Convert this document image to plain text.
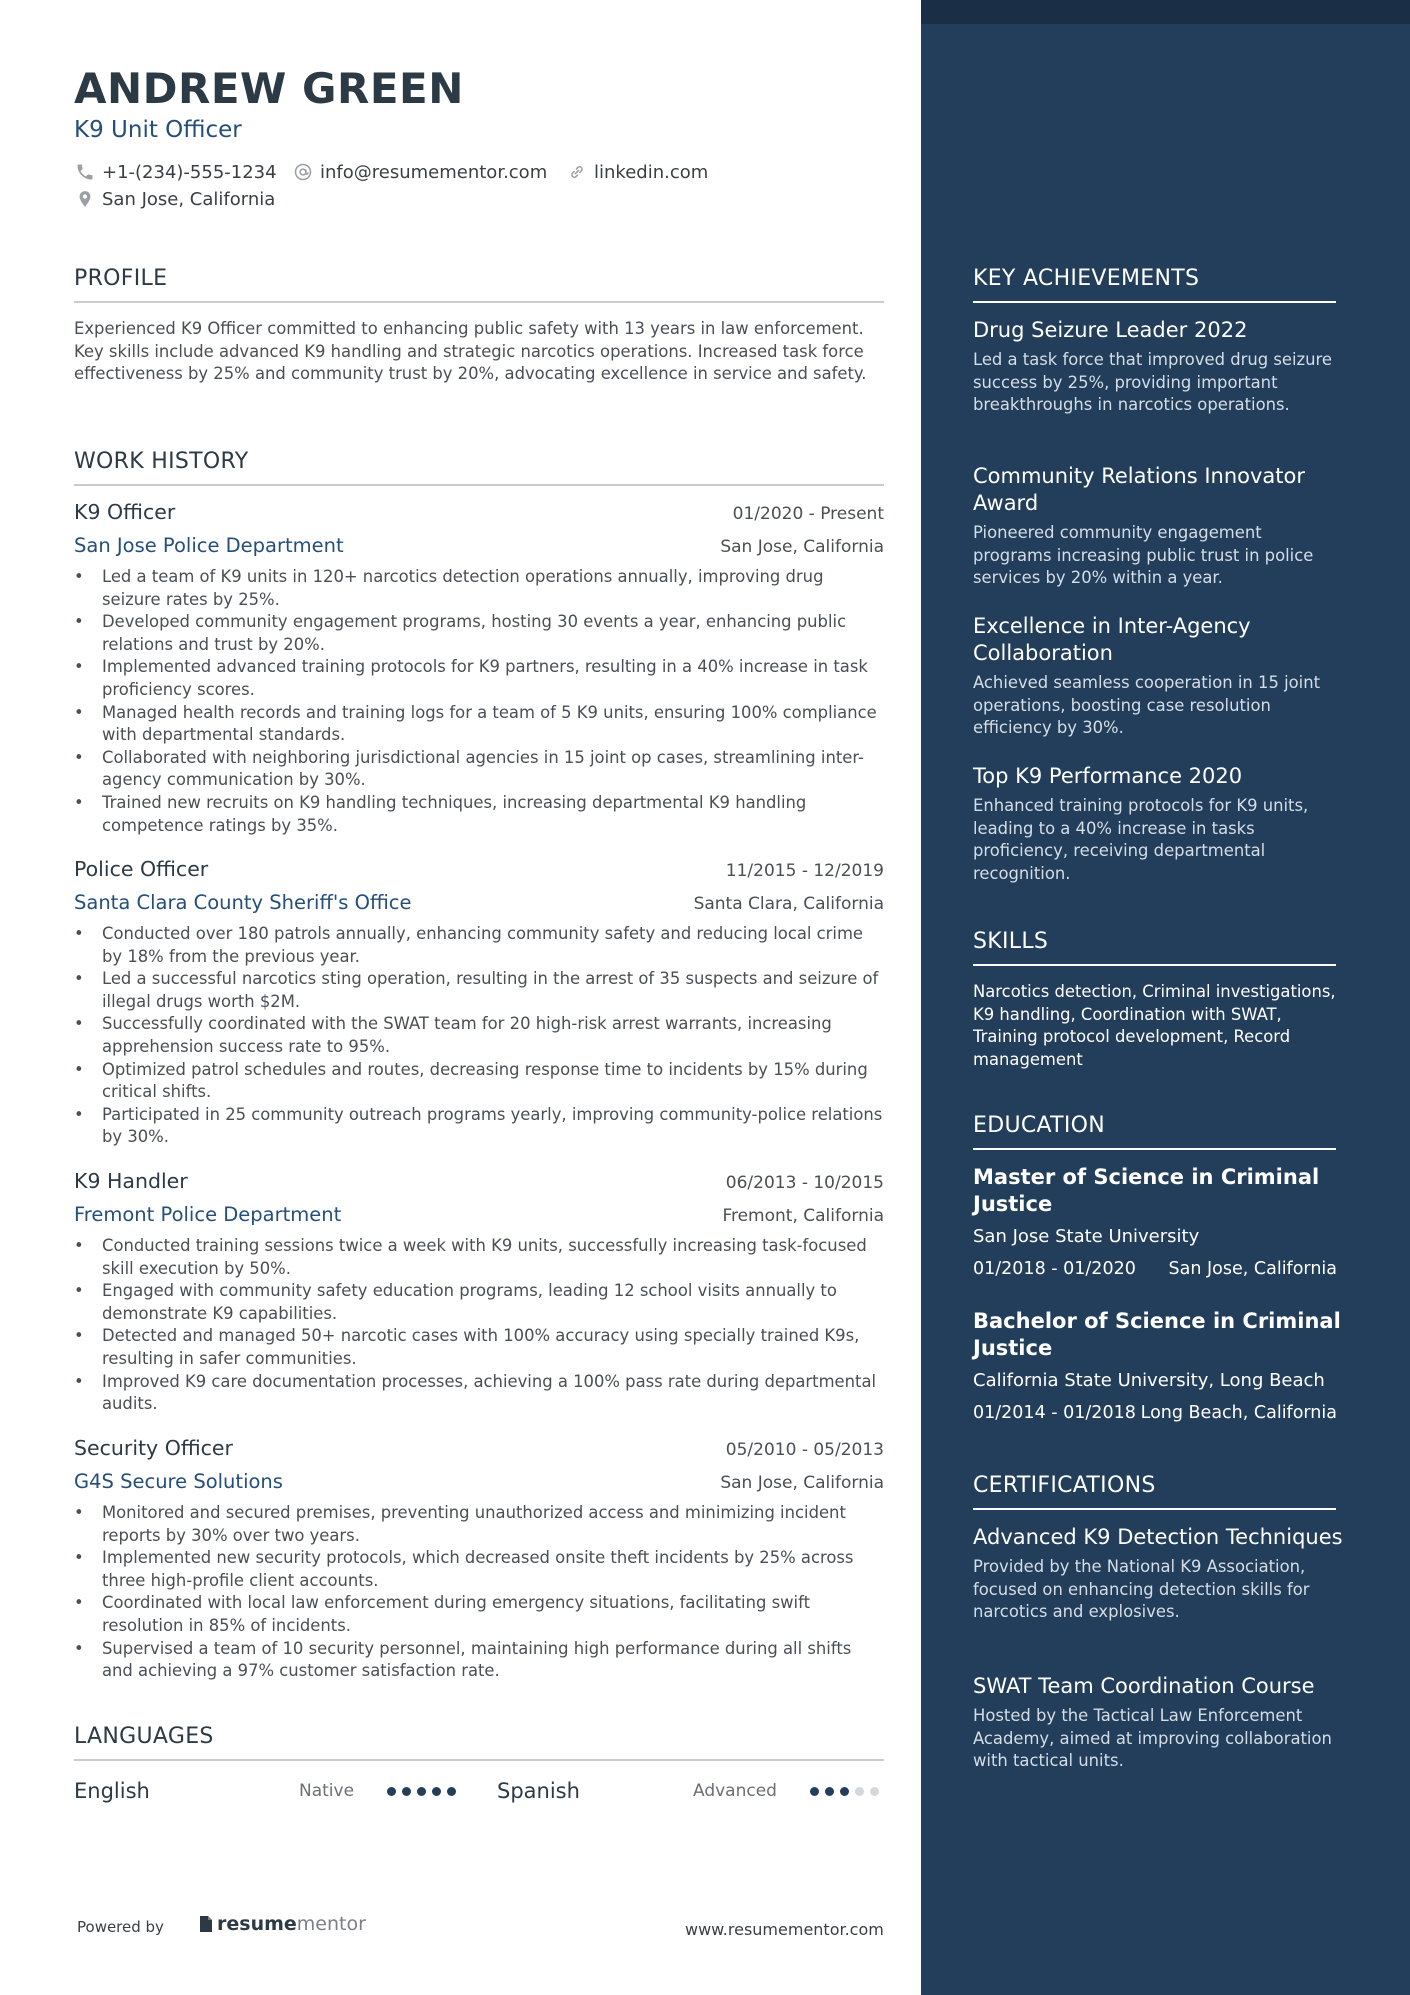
ANDREW GREEN
K9 Unit Officer
+1-(234)-555-1234 info@resumementor.com	linkedin.com
San Jose, California
PROFILE
Experienced K9 Officer committed to enhancing public safety with 13 years in law enforcement. Key skills include advanced K9 handling and strategic narcotics operations. Increased task force effectiveness by 25% and community trust by 20%, advocating excellence in service and safety.
WORK HISTORY
K9 Officer	01/2020 - Present
San Jose Police Department	San Jose, California
• Led a team of K9 units in 120+ narcotics detection operations annually, improving drug seizure rates by 25%.
• Developed community engagement programs, hosting 30 events a year, enhancing public relations and trust by 20%.
• Implemented advanced training protocols for K9 partners, resulting in a 40% increase in task proficiency scores.
• Managed health records and training logs for a team of 5 K9 units, ensuring 100% compliance with departmental standards.
• Collaborated with neighboring jurisdictional agencies in 15 joint op cases, streamlining inter-agency communication by 30%.
• Trained new recruits on K9 handling techniques, increasing departmental K9 handling competence ratings by 35%.
Police Officer	11/2015 - 12/2019
Santa Clara County Sheriff's Office	Santa Clara, California
• Conducted over 180 patrols annually, enhancing community safety and reducing local crime by 18% from the previous year.
• Led a successful narcotics sting operation, resulting in the arrest of 35 suspects and seizure of illegal drugs worth $2M.
• Successfully coordinated with the SWAT team for 20 high-risk arrest warrants, increasing apprehension success rate to 95%.
• Optimized patrol schedules and routes, decreasing response time to incidents by 15% during critical shifts.
• Participated in 25 community outreach programs yearly, improving community-police relations by 30%.
K9 Handler	06/2013 - 10/2015
Fremont Police Department	Fremont, California
• Conducted training sessions twice a week with K9 units, successfully increasing task-focused skill execution by 50%.
• Engaged with community safety education programs, leading 12 school visits annually to demonstrate K9 capabilities.
• Detected and managed 50+ narcotic cases with 100% accuracy using specially trained K9s, resulting in safer communities.
• Improved K9 care documentation processes, achieving a 100% pass rate during departmental audits.
Security Officer	05/2010 - 05/2013
G4S Secure Solutions	San Jose, California
• Monitored and secured premises, preventing unauthorized access and minimizing incident reports by 30% over two years.
• Implemented new security protocols, which decreased onsite theft incidents by 25% across three high-profile client accounts.
• Coordinated with local law enforcement during emergency situations, facilitating swift resolution in 85% of incidents.
• Supervised a team of 10 security personnel, maintaining high performance during all shifts and achieving a 97% customer satisfaction rate.
LANGUAGES
English	Native	Spanish	Advanced
Powered by	resume mentor	www.resumementor.com
KEY ACHIEVEMENTS
Drug Seizure Leader 2022
Led a task force that improved drug seizure success by 25%, providing important breakthroughs in narcotics operations.
Community Relations Innovator Award
Pioneered community engagement programs increasing public trust in police services by 20% within a year.
Excellence in Inter-Agency Collaboration
Achieved seamless cooperation in 15 joint operations, boosting case resolution efficiency by 30%.
Top K9 Performance 2020
Enhanced training protocols for K9 units, leading to a 40% increase in tasks proficiency, receiving departmental recognition.
SKILLS
Narcotics detection, Criminal investigations, K9 handling, Coordination with SWAT, Training protocol development, Record management
EDUCATION
Master of Science in Criminal Justice
San Jose State University
01/2018 - 01/2020 San Jose, California
Bachelor of Science in Criminal Justice
California State University, Long Beach
01/2014 - 01/2018 Long Beach, California
CERTIFICATIONS
Advanced K9 Detection Techniques
Provided by the National K9 Association, focused on enhancing detection skills for narcotics and explosives.
SWAT Team Coordination Course
Hosted by the Tactical Law Enforcement Academy, aimed at improving collaboration with tactical units.
